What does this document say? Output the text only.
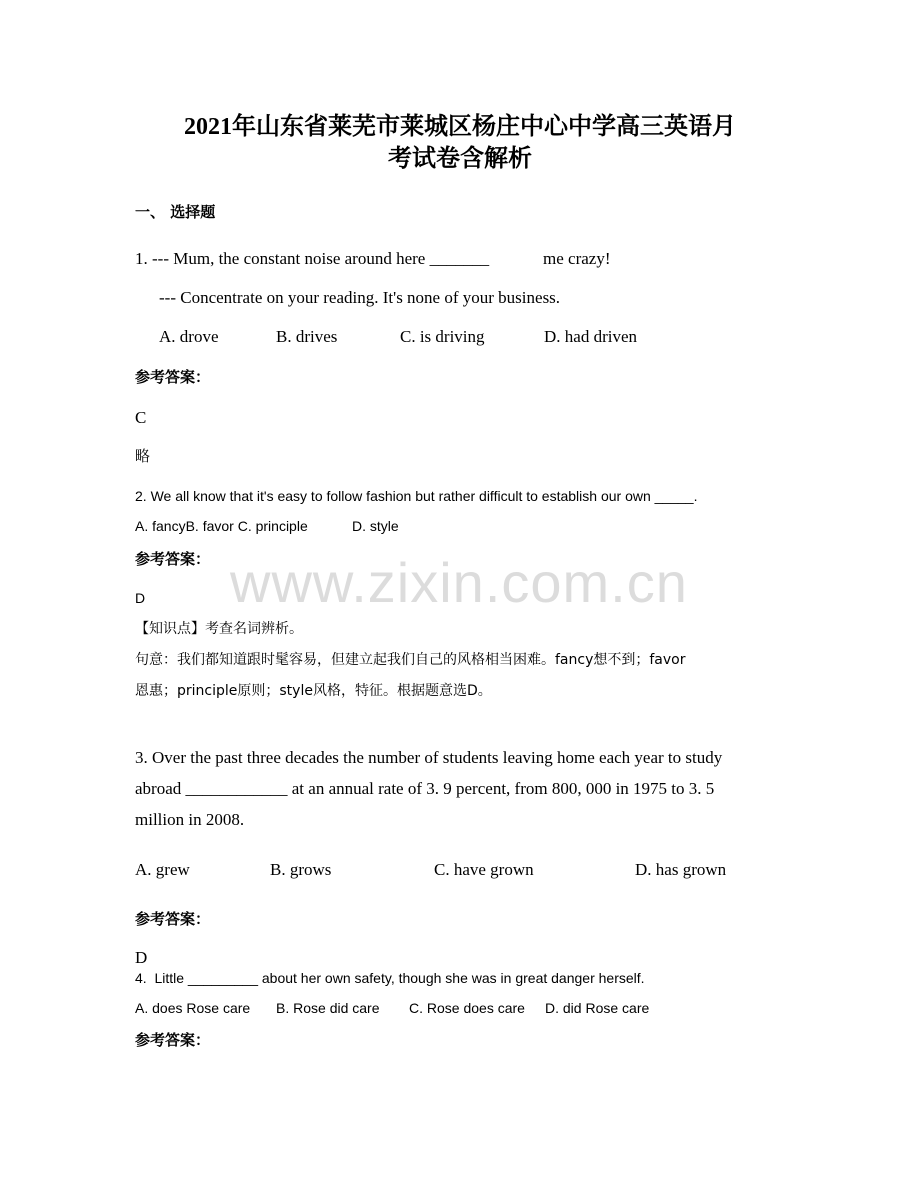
2021年山东省莱芜市莱城区杨庄中心中学高三英语月
考试卷含解析
www.zixin.com.cn
一、 选择题
1. --- Mum, the constant noise around here _______	me crazy!
--- Concentrate on your reading. It's none of your business.
A. drove	B. drives	C. is driving	D. had driven
参考答案：
C
略
2. We all know that it's easy to follow fashion but rather difficult to establish our own _____.
A. fancyB. favor C. principle	D. style
参考答案：
D
【知识点】考查名词辨析。
句意：我们都知道跟时髦容易，但建立起我们自己的风格相当困难。fancy想不到；favor
恩惠；principle原则；style风格，特征。根据题意选D。
3. Over the past three decades the number of students leaving home each year to study
abroad ____________ at an annual rate of 3. 9 percent, from 800, 000 in 1975 to 3. 5
million in 2008.
A. grew	B. grows	C. have grown	D. has grown
参考答案：
D
4.  Little _________ about her own safety, though she was in great danger herself.
A. does Rose care B. Rose did care C. Rose does care D. did Rose care
参考答案：
